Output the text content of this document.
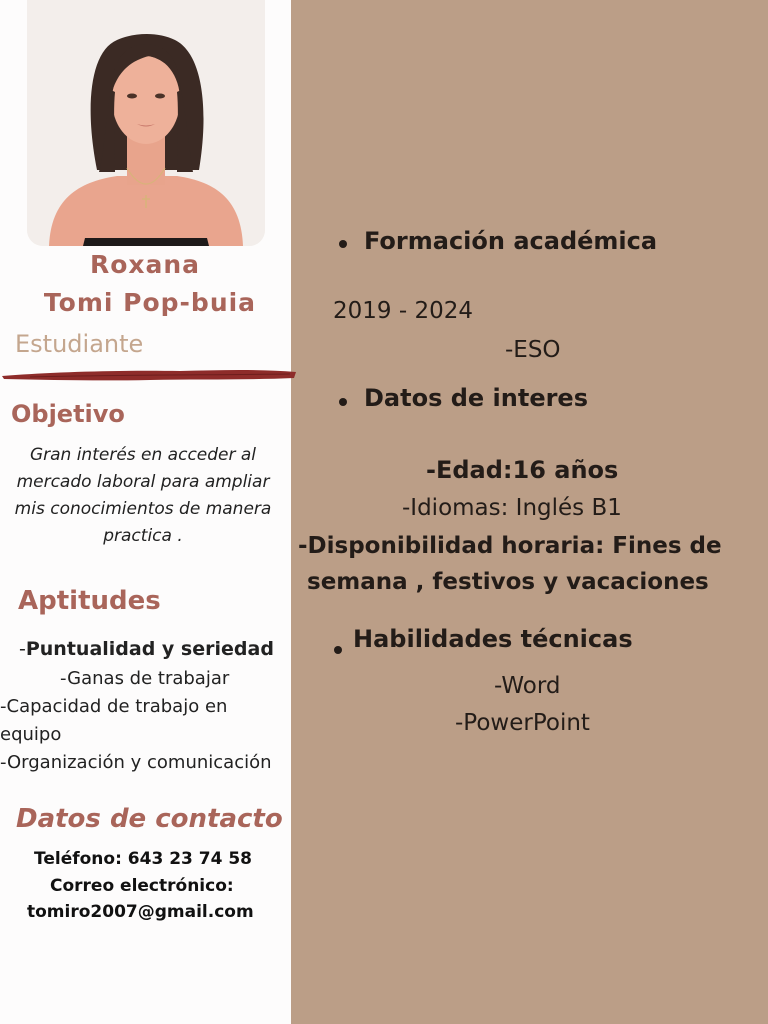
Roxana
Tomi Pop-buia
Estudiante
Objetivo
Gran interés en acceder al mercado laboral para ampliar mis conocimientos de manera practica .
Aptitudes
-Puntualidad y seriedad
-Ganas de trabajar
-Capacidad de trabajo en
equipo
-Organización y comunicación
Datos de contacto
Teléfono: 643 23 74 58
Correo electrónico:
tomiro2007@gmail.com
Formación académica
2019 - 2024
-ESO
Datos de interes
-Edad:16 años
-Idiomas: Inglés B1
-Disponibilidad horaria: Fines de
semana , festivos y vacaciones
Habilidades técnicas
-Word
-PowerPoint
